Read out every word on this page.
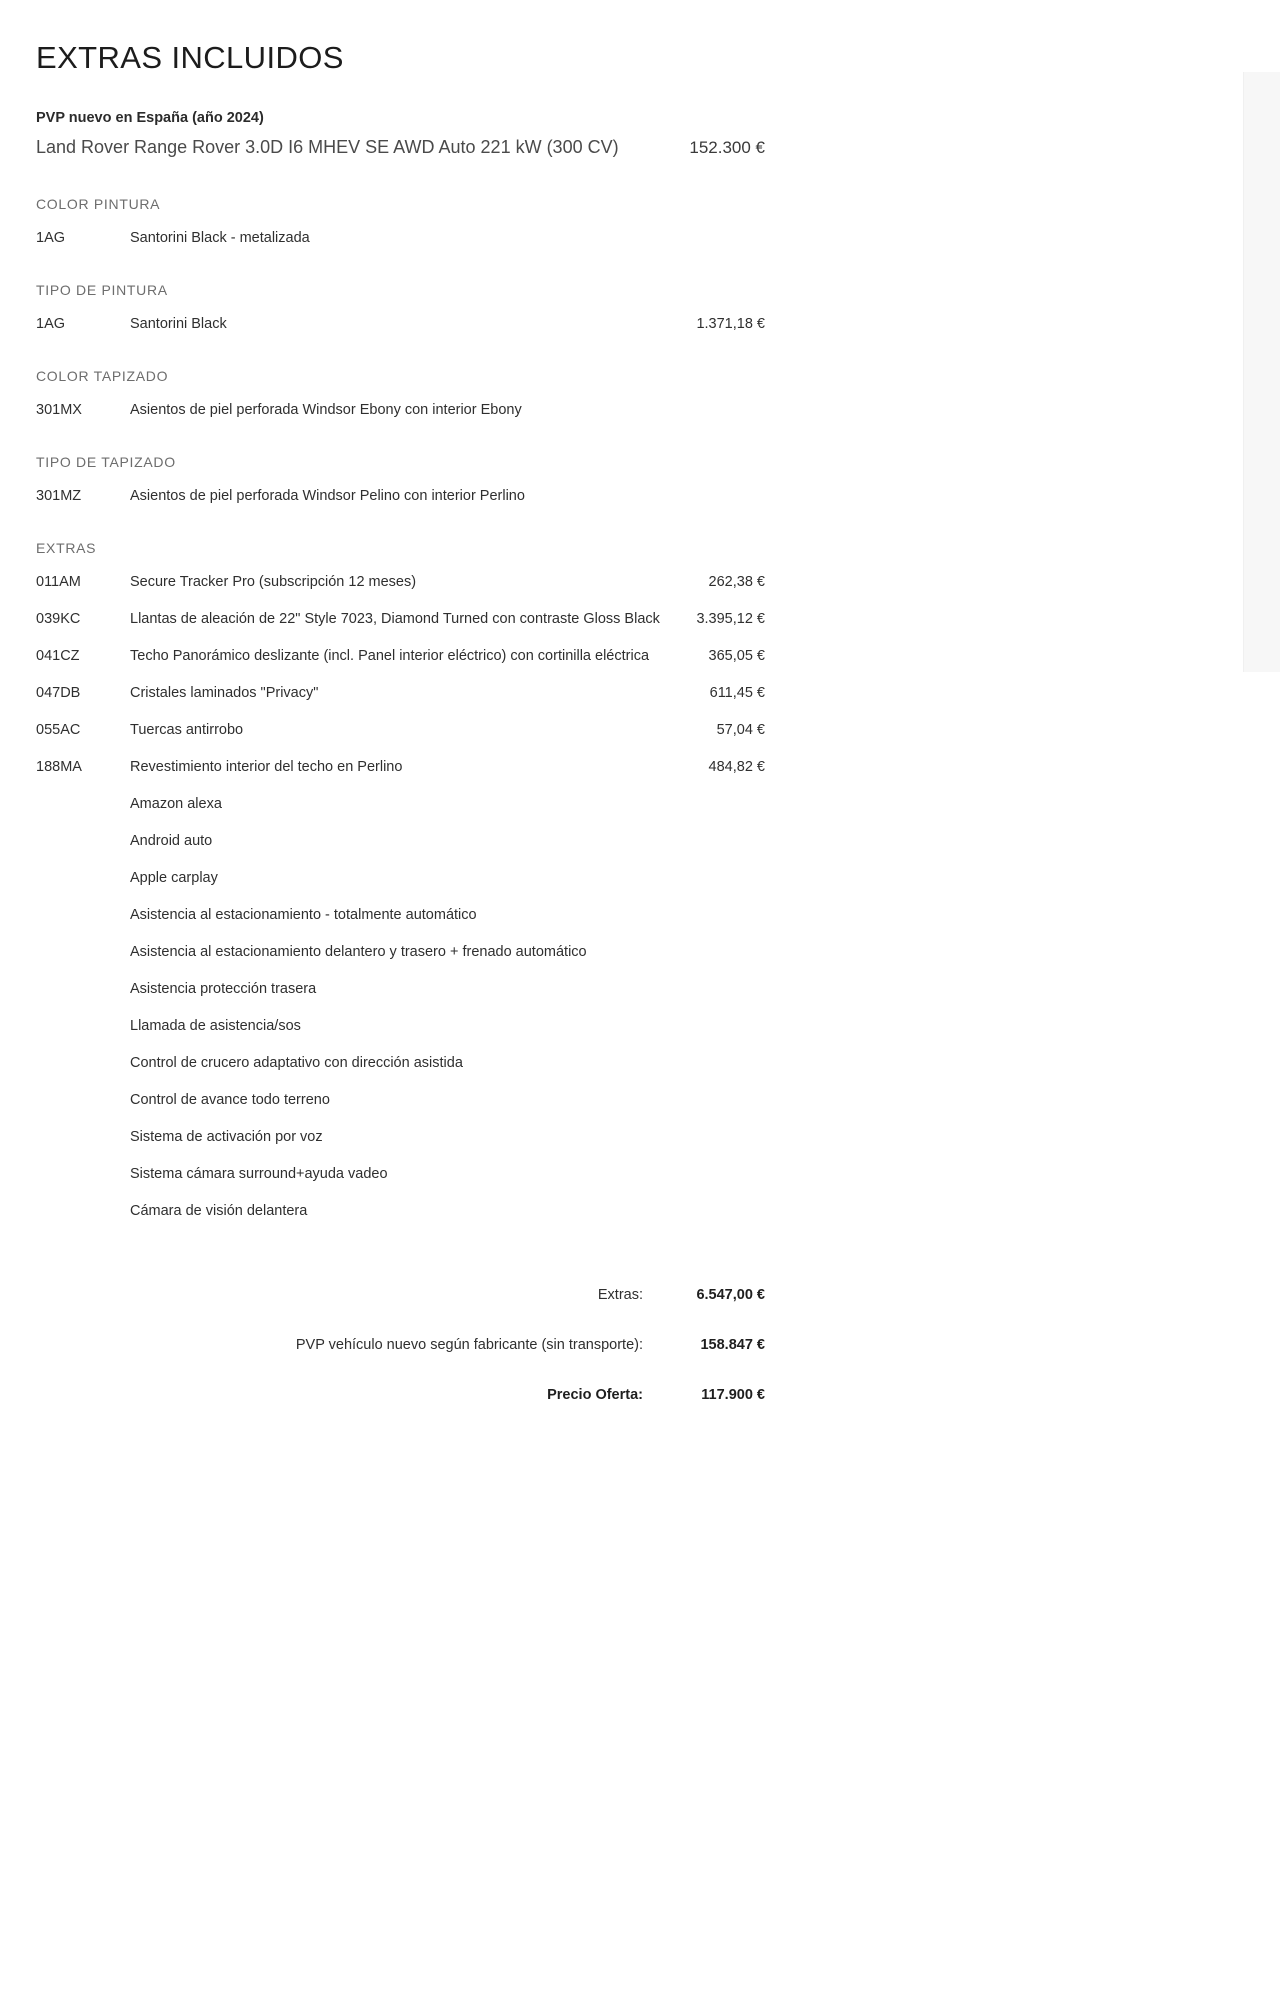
EXTRAS INCLUIDOS
PVP nuevo en España (año 2024)
Land Rover Range Rover 3.0D I6 MHEV SE AWD Auto 221 kW (300 CV)	152.300 €
COLOR PINTURA
1AG	Santorini Black - metalizada
TIPO DE PINTURA
1AG	Santorini Black	1.371,18 €
COLOR TAPIZADO
301MX	Asientos de piel perforada Windsor Ebony con interior Ebony
TIPO DE TAPIZADO
301MZ	Asientos de piel perforada Windsor Pelino con interior Perlino
EXTRAS
011AM	Secure Tracker Pro (subscripción 12 meses)	262,38 €
039KC	Llantas de aleación de 22" Style 7023, Diamond Turned con contraste Gloss Black	3.395,12 €
041CZ	Techo Panorámico deslizante (incl. Panel interior eléctrico) con cortinilla eléctrica	365,05 €
047DB	Cristales laminados "Privacy"	611,45 €
055AC	Tuercas antirrobo	57,04 €
188MA	Revestimiento interior del techo en Perlino	484,82 €
Amazon alexa
Android auto
Apple carplay
Asistencia al estacionamiento - totalmente automático
Asistencia al estacionamiento delantero y trasero + frenado automático
Asistencia protección trasera
Llamada de asistencia/sos
Control de crucero adaptativo con dirección asistida
Control de avance todo terreno
Sistema de activación por voz
Sistema cámara surround+ayuda vadeo
Cámara de visión delantera
Extras:	6.547,00 €
PVP vehículo nuevo según fabricante (sin transporte):	158.847 €
Precio Oferta:	117.900 €
